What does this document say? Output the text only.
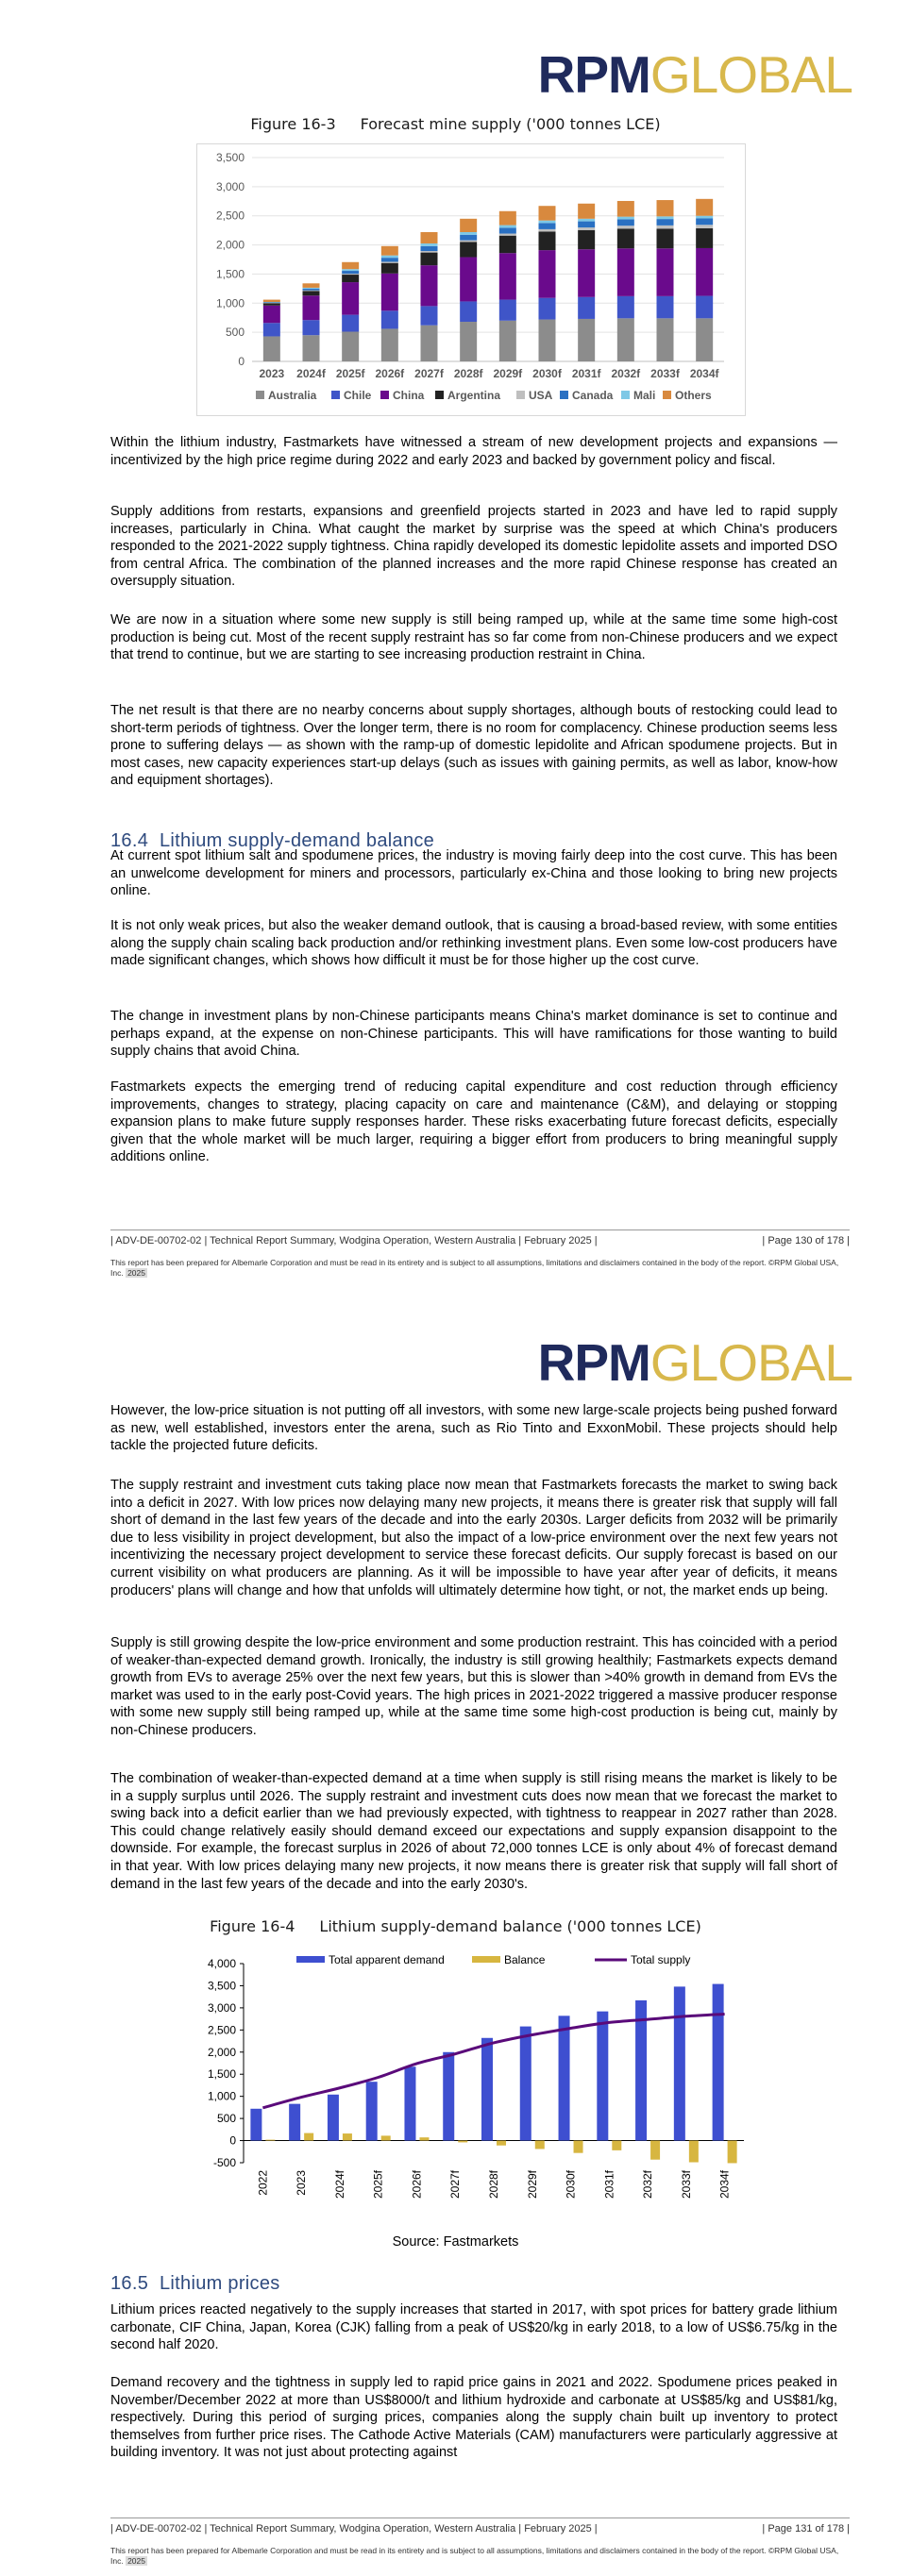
RPMGLOBAL
Figure 16-3 Forecast mine supply ('000 tonnes LCE)
0
500
1,000
1,500
2,000
2,500
3,000
3,500
2023 2024f 2025f 2026f 2027f 2028f 2029f 2030f 2031f 2032f 2033f 2034f
Australia Chile China Argentina USA Canada Mali Others

Within the lithium industry, Fastmarkets have witnessed a stream of new development projects and expansions — incentivized by the high price regime during 2022 and early 2023 and backed by government policy and fiscal.

Supply additions from restarts, expansions and greenfield projects started in 2023 and have led to rapid supply increases, particularly in China. What caught the market by surprise was the speed at which China's producers responded to the 2021-2022 supply tightness. China rapidly developed its domestic lepidolite assets and imported DSO from central Africa. The combination of the planned increases and the more rapid Chinese response has created an oversupply situation.

We are now in a situation where some new supply is still being ramped up, while at the same time some high-cost production is being cut. Most of the recent supply restraint has so far come from non-Chinese producers and we expect that trend to continue, but we are starting to see increasing production restraint in China.

The net result is that there are no nearby concerns about supply shortages, although bouts of restocking could lead to short-term periods of tightness. Over the longer term, there is no room for complacency. Chinese production seems less prone to suffering delays — as shown with the ramp-up of domestic lepidolite and African spodumene projects. But in most cases, new capacity experiences start-up delays (such as issues with gaining permits, as well as labor, know-how and equipment shortages).

16.4 Lithium supply-demand balance

At current spot lithium salt and spodumene prices, the industry is moving fairly deep into the cost curve. This has been an unwelcome development for miners and processors, particularly ex-China and those looking to bring new projects online.

It is not only weak prices, but also the weaker demand outlook, that is causing a broad-based review, with some entities along the supply chain scaling back production and/or rethinking investment plans. Even some low-cost producers have made significant changes, which shows how difficult it must be for those higher up the cost curve.

The change in investment plans by non-Chinese participants means China's market dominance is set to continue and perhaps expand, at the expense on non-Chinese participants. This will have ramifications for those wanting to build supply chains that avoid China.

Fastmarkets expects the emerging trend of reducing capital expenditure and cost reduction through efficiency improvements, changes to strategy, placing capacity on care and maintenance (C&M), and delaying or stopping expansion plans to make future supply responses harder. These risks exacerbating future forecast deficits, especially given that the whole market will be much larger, requiring a bigger effort from producers to bring meaningful supply additions online.

| ADV-DE-00702-02 | Technical Report Summary, Wodgina Operation, Western Australia | February 2025 |	| Page 130 of 178 |
This report has been prepared for Albemarle Corporation and must be read in its entirety and is subject to all assumptions, limitations and disclaimers contained in the body of the report. ©RPM Global USA, Inc. 2025
RPMGLOBAL

However, the low-price situation is not putting off all investors, with some new large-scale projects being pushed forward as new, well established, investors enter the arena, such as Rio Tinto and ExxonMobil. These projects should help tackle the projected future deficits.

The supply restraint and investment cuts taking place now mean that Fastmarkets forecasts the market to swing back into a deficit in 2027. With low prices now delaying many new projects, it means there is greater risk that supply will fall short of demand in the last few years of the decade and into the early 2030s. Larger deficits from 2032 will be primarily due to less visibility in project development, but also the impact of a low-price environment over the next few years not incentivizing the necessary project development to service these forecast deficits. Our supply forecast is based on our current visibility on what producers are planning. As it will be impossible to have year after year of deficits, it means producers' plans will change and how that unfolds will ultimately determine how tight, or not, the market ends up being.

Supply is still growing despite the low-price environment and some production restraint. This has coincided with a period of weaker-than-expected demand growth. Ironically, the industry is still growing healthily; Fastmarkets expects demand growth from EVs to average 25% over the next few years, but this is slower than >40% growth in demand from EVs the market was used to in the early post-Covid years. The high prices in 2021-2022 triggered a massive producer response with some new supply still being ramped up, while at the same time some high-cost production is being cut, mainly by non-Chinese producers.

The combination of weaker-than-expected demand at a time when supply is still rising means the market is likely to be in a supply surplus until 2026. The supply restraint and investment cuts does now mean that we forecast the market to swing back into a deficit earlier than we had previously expected, with tightness to reappear in 2027 rather than 2028. This could change relatively easily should demand exceed our expectations and supply expansion disappoint to the downside. For example, the forecast surplus in 2026 of about 72,000 tonnes LCE is only about 4% of forecast demand in that year. With low prices delaying many new projects, it now means there is greater risk that supply will fall short of demand in the last few years of the decade and into the early 2030's.

Figure 16-4 Lithium supply-demand balance ('000 tonnes LCE)
-500
0
500
1,000
1,500
2,000
2,500
3,000
3,500
4,000
2022 2023 2024f 2025f 2026f 2027f 2028f 2029f 2030f 2031f 2032f 2033f 2034f
Total apparent demand	Balance	Total supply
Source: Fastmarkets
16.5 Lithium prices

Lithium prices reacted negatively to the supply increases that started in 2017, with spot prices for battery grade lithium carbonate, CIF China, Japan, Korea (CJK) falling from a peak of US$20/kg in early 2018, to a low of US$6.75/kg in the second half 2020.

Demand recovery and the tightness in supply led to rapid price gains in 2021 and 2022. Spodumene prices peaked in November/December 2022 at more than US$8000/t and lithium hydroxide and carbonate at US$85/kg and US$81/kg, respectively. During this period of surging prices, companies along the supply chain built up inventory to protect themselves from further price rises. The Cathode Active Materials (CAM) manufacturers were particularly aggressive at building inventory. It was not just about protecting against

| ADV-DE-00702-02 | Technical Report Summary, Wodgina Operation, Western Australia | February 2025 |	| Page 131 of 178 |
This report has been prepared for Albemarle Corporation and must be read in its entirety and is subject to all assumptions, limitations and disclaimers contained in the body of the report. ©RPM Global USA, Inc. 2025
